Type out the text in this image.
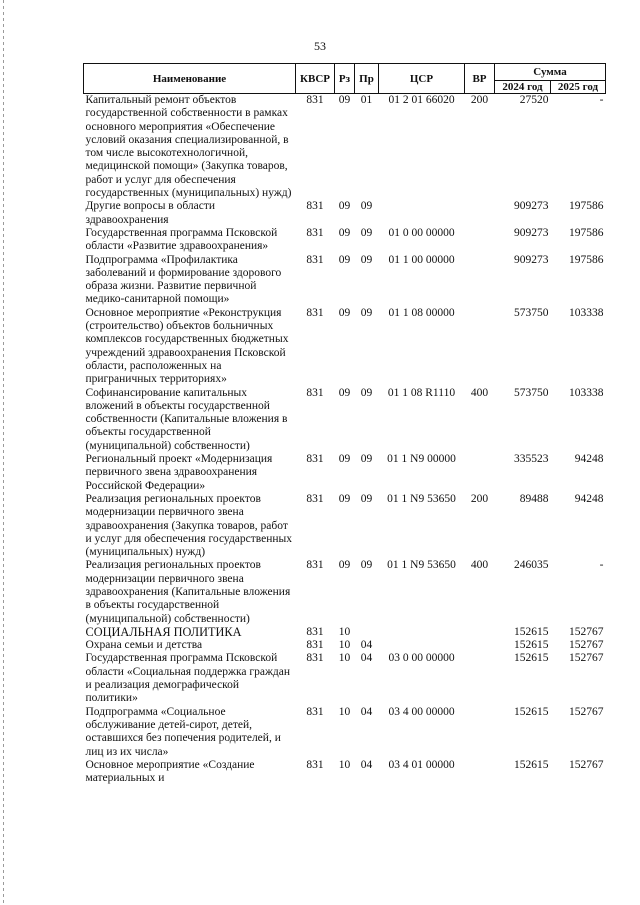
53
Наименование	КВСР	Рз	Пр	ЦСР	ВР	Сумма	
						2024 год	2025 год
Капитальный ремонт объектов государственной собственности в рамках основного мероприятия «Обеспечение условий оказания специализированной, в том числе высокотехнологичной, медицинской помощи» (Закупка товаров, работ и услуг для обеспечения государственных (муниципальных) нужд)	831	09	01	01 2 01 66020	200	27520	-
Другие вопросы в области здравоохранения	831	09	09			909273	197586
Государственная программа Псковской области «Развитие здравоохранения»	831	09	09	01 0 00 00000		909273	197586
Подпрограмма «Профилактика заболеваний и формирование здорового образа жизни. Развитие первичной медико-санитарной помощи»	831	09	09	01 1 00 00000		909273	197586
Основное мероприятие «Реконструкция (строительство) объектов больничных комплексов государственных бюджетных учреждений здравоохранения Псковской области, расположенных на приграничных территориях»	831	09	09	01 1 08 00000		573750	103338
Софинансирование капитальных вложений в объекты государственной собственности (Капитальные вложения в объекты государственной (муниципальной) собственности)	831	09	09	01 1 08 R1110	400	573750	103338
Региональный проект «Модернизация первичного звена здравоохранения Российской Федерации»	831	09	09	01 1 N9 00000		335523	94248
Реализация региональных проектов модернизации первичного звена здравоохранения (Закупка товаров, работ и услуг для обеспечения государственных (муниципальных) нужд)	831	09	09	01 1 N9 53650	200	89488	94248
Реализация региональных проектов модернизации первичного звена здравоохранения (Капитальные вложения в объекты государственной (муниципальной) собственности)	831	09	09	01 1 N9 53650	400	246035	-
СОЦИАЛЬНАЯ ПОЛИТИКА	831	10				152615	152767
Охрана семьи и детства	831	10	04			152615	152767
Государственная программа Псковской области «Социальная поддержка граждан и реализация демографической политики»	831	10	04	03 0 00 00000		152615	152767
Подпрограмма «Социальное обслуживание детей-сирот, детей, оставшихся без попечения родителей, и лиц из их числа»	831	10	04	03 4 00 00000		152615	152767
Основное мероприятие «Создание материальных и	831	10	04	03 4 01 00000		152615	152767
